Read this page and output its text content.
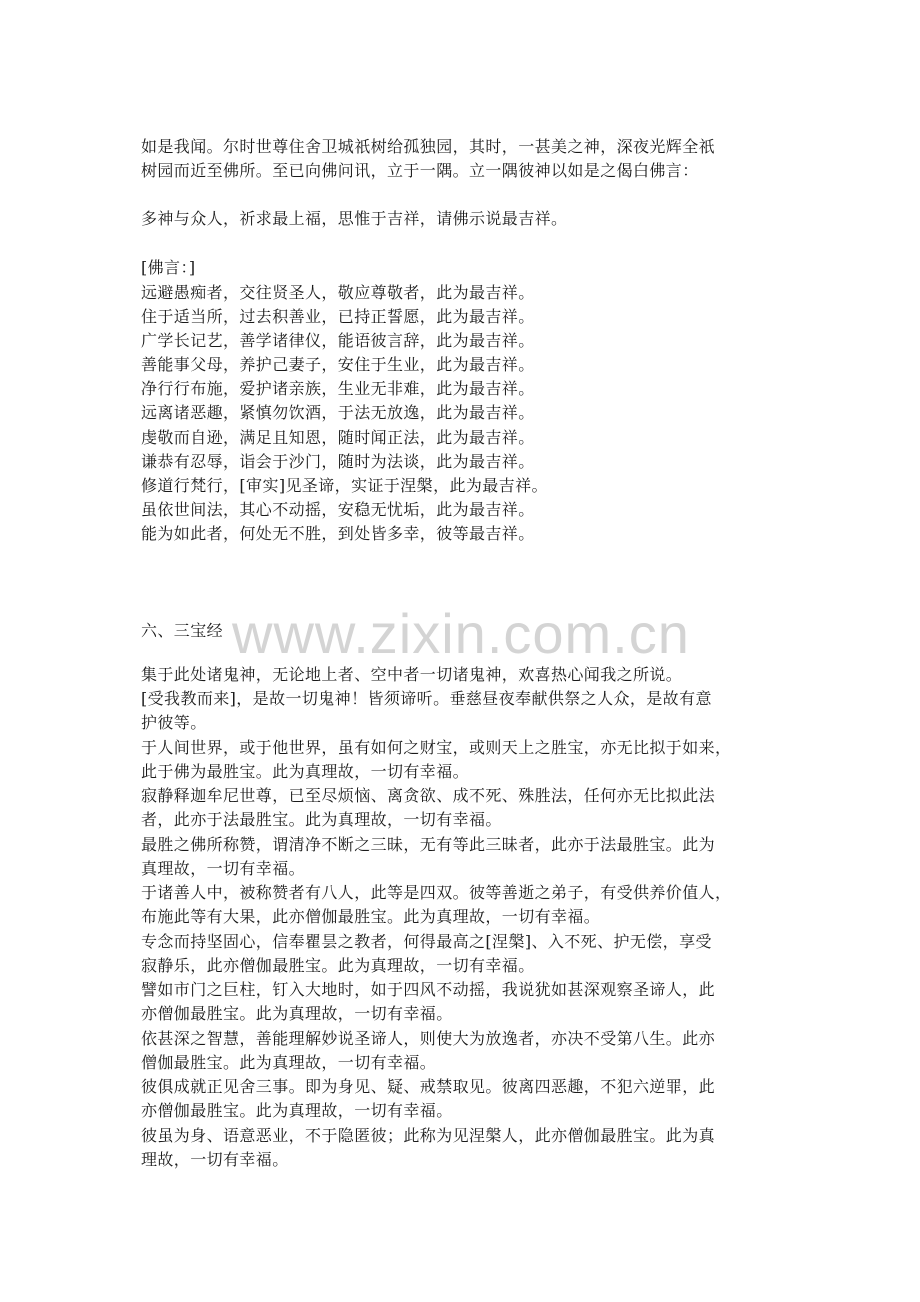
如是我闻。尔时世尊住舍卫城祇树给孤独园，其时，一甚美之神，深夜光辉全祇
树园而近至佛所。至已向佛问讯，立于一隅。立一隅彼神以如是之偈白佛言：
多神与众人，祈求最上福，思惟于吉祥，请佛示说最吉祥。
[佛言：]
远避愚痴者，交往贤圣人，敬应尊敬者，此为最吉祥。
住于适当所，过去积善业，已持正誓愿，此为最吉祥。
广学长记艺，善学诸律仪，能语彼言辞，此为最吉祥。
善能事父母，养护己妻子，安住于生业，此为最吉祥。
净行行布施，爱护诸亲族，生业无非难，此为最吉祥。
远离诸恶趣，紧慎勿饮酒，于法无放逸，此为最吉祥。
虔敬而自逊，满足且知恩，随时闻正法，此为最吉祥。
谦恭有忍辱，诣会于沙门，随时为法谈，此为最吉祥。
修道行梵行，[审实]见圣谛，实证于涅槃，此为最吉祥。
虽依世间法，其心不动摇，安稳无忧垢，此为最吉祥。
能为如此者，何处无不胜，到处皆多幸，彼等最吉祥。
www.zixin.com.cn
六、三宝经
集于此处诸鬼神，无论地上者、空中者一切诸鬼神，欢喜热心闻我之所说。
[受我教而来]，是故一切鬼神！皆须谛听。垂慈昼夜奉献供祭之人众，是故有意
护彼等。
于人间世界，或于他世界，虽有如何之财宝，或则天上之胜宝，亦无比拟于如来，
此于佛为最胜宝。此为真理故，一切有幸福。
寂静释迦牟尼世尊，已至尽烦恼、离贪欲、成不死、殊胜法，任何亦无比拟此法
者，此亦于法最胜宝。此为真理故，一切有幸福。
最胜之佛所称赞，谓清净不断之三昧，无有等此三昧者，此亦于法最胜宝。此为
真理故，一切有幸福。
于诸善人中，被称赞者有八人，此等是四双。彼等善逝之弟子，有受供养价值人，
布施此等有大果，此亦僧伽最胜宝。此为真理故，一切有幸福。
专念而持坚固心，信奉瞿昙之教者，何得最高之[涅槃]、入不死、护无偿，享受
寂静乐，此亦僧伽最胜宝。此为真理故，一切有幸福。
譬如市门之巨柱，钉入大地时，如于四风不动摇，我说犹如甚深观察圣谛人，此
亦僧伽最胜宝。此为真理故，一切有幸福。
依甚深之智慧，善能理解妙说圣谛人，则使大为放逸者，亦决不受第八生。此亦
僧伽最胜宝。此为真理故，一切有幸福。
彼俱成就正见舍三事。即为身见、疑、戒禁取见。彼离四恶趣，不犯六逆罪，此
亦僧伽最胜宝。此为真理故，一切有幸福。
彼虽为身、语意恶业，不于隐匿彼；此称为见涅槃人，此亦僧伽最胜宝。此为真
理故，一切有幸福。
